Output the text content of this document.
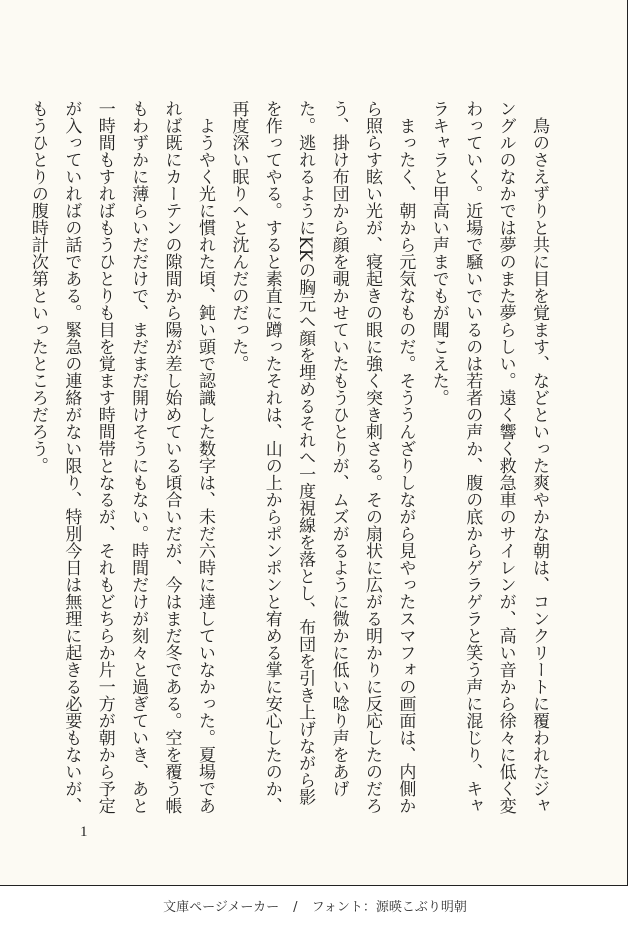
鳥のさえずりと共に目を覚ます、などといった爽やかな朝は、コンクリートに覆われたジャングルのなかでは夢のまた夢らしい。遠く響く救急車のサイレンが、高い音から徐々に低く変わっていく。近場で騒いでいるのは若者の声か、腹の底からゲラゲラと笑う声に混じり、キャラキャラと甲高い声までもが聞こえた。

まったく、朝から元気なものだ。そううんざりしながら見やったスマフォの画面は、内側から照らす眩い光が、寝起きの眼に強く突き刺さる。その扇状に広がる明かりに反応したのだろう、掛け布団から顔を覗かせていたもうひとりが、ムズがるように微かに低い唸り声をあげた。逃れるようにKKの胸元へ顔を埋めるそれへ一度視線を落とし、布団を引き上げながら影を作ってやる。すると素直に蹲ったそれは、山の上からポンポンと宥める掌に安心したのか、再度深い眠りへと沈んだのだった。

ようやく光に慣れた頃、鈍い頭で認識した数字は、未だ六時に達していなかった。夏場であれば既にカーテンの隙間から陽が差し始めている頃合いだが、今はまだ冬である。空を覆う帳もわずかに薄らいだだけで、まだまだ開けそうにもない。時間だけが刻々と過ぎていき、あと一時間もすればもうひとりも目を覚ます時間帯となるが、それもどちらか片一方が朝から予定が入っていればの話である。緊急の連絡がない限り、特別今日は無理に起きる必要もないが、もうひとりの腹時計次第といったところだろう。

1
文庫ページメーカー / フォント：源暎こぶり明朝
